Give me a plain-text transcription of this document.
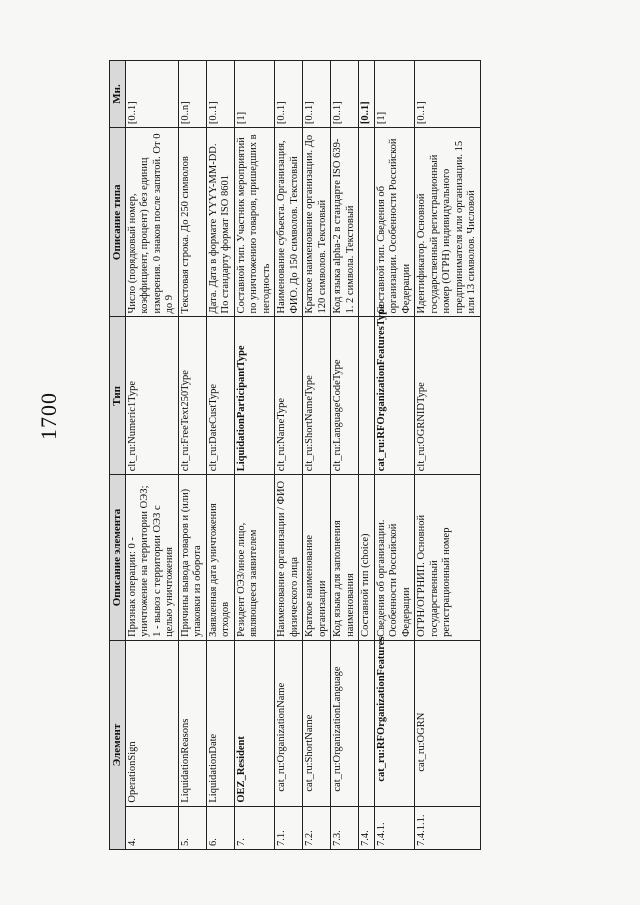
1700
Элемент		Описание элемента	Тип	Описание типа	Мн.
4.	OperationSign	Признак операции: 0 - уничтожение на территории ОЭЗ; 1 - вывоз с территории ОЭЗ с целью уничтожения	clt_ru:Numeric1Type	Число (порядковый номер, коэффициент, процент) без единиц измерения. 0 знаков после запятой. От 0 до 9	[0..1]
5.	LiquidationReasons	Причины вывода товаров и (или) упаковки из оборота	clt_ru:FreeText250Type	Текстовая строка. До 250 символов	[0..n]
6.	LiquidationDate	Заявленная дата уничтожения отходов	clt_ru:DateCustType	Дата. Дата в формате YYYY-MM-DD. По стандарту формат ISO 8601	[0..1]
7.	OEZ_Resident	Резидент ОЭЗ/иное лицо, являющееся заявителем	LiquidationParticipantType	Составной тип. Участник мероприятий по уничтожению товаров, пришедших в негодность	[1]
7.1.	cat_ru:OrganizationName	Наименование организации / ФИО физического лица	clt_ru:NameType	Наименование субъекта. Организация, ФИО. До 150 символов. Текстовый	[0..1]
7.2.	cat_ru:ShortName	Краткое наименование организации	clt_ru:ShortNameType	Краткое наименование организации. До 120 символов. Текстовый	[0..1]
7.3.	cat_ru:OrganizationLanguage	Код языка для заполнения наименования	clt_ru:LanguageCodeType	Код языка alpha-2 в стандарте ISO 639-1. 2 символа. Текстовый	[0..1]
7.4.		Составной тип (choice)			[0..1]
7.4.1.	cat_ru:RFOrganizationFeatures	Сведения об организации. Особенности Российской Федерации	cat_ru:RFOrganizationFeaturesType	Составной тип. Сведения об организации. Особенности Российской Федерации	[1]
7.4.1.1.	cat_ru:OGRN	ОГРН/ОГРНИП. Основной государственный регистрационный номер	clt_ru:OGRNIDType	Идентификатор. Основной государственный регистрационный номер (ОГРН) индивидуального предпринимателя или организации. 15 или 13 символов. Числовой	[0..1]
